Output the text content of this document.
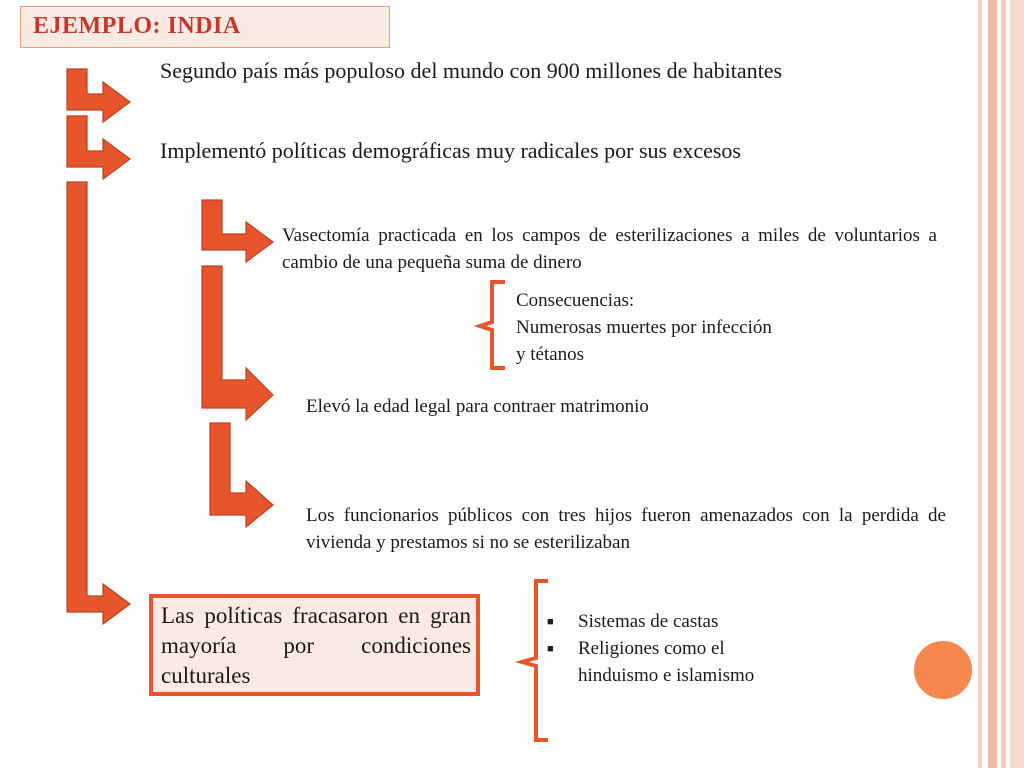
EJEMPLO: INDIA
Segundo país más populoso del mundo con 900 millones de habitantes
Implementó políticas demográficas muy radicales por sus excesos
Vasectomía practicada en los campos de esterilizaciones a miles de voluntarios a cambio de una pequeña suma de dinero
Elevó la edad legal para contraer matrimonio
Los funcionarios públicos con tres hijos fueron amenazados con la perdida de vivienda y prestamos si no se esterilizaban
Consecuencias:
Numerosas muertes por infección
y tétanos
Las políticas fracasaron en gran mayoría por condiciones culturales
■ Sistemas de castas
■ Religiones como el hinduismo e islamismo
